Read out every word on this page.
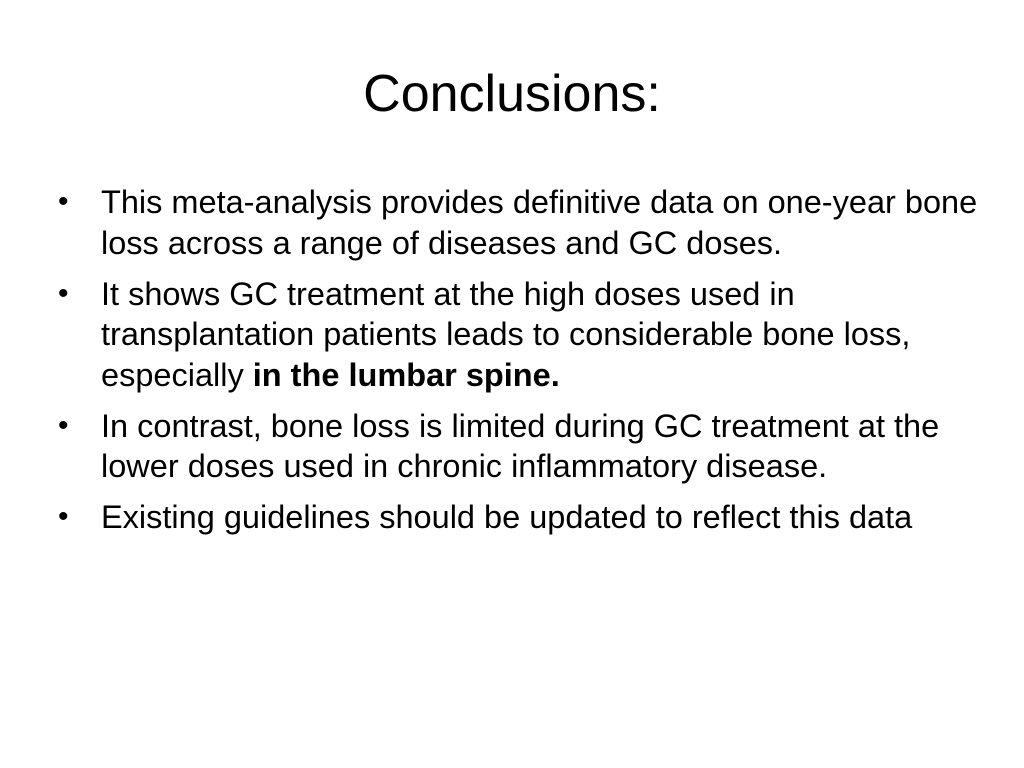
Conclusions:
• This meta-analysis provides definitive data on one-year bone loss across a range of diseases and GC doses.
• It shows GC treatment at the high doses used in transplantation patients leads to considerable bone loss, especially in the lumbar spine.
• In contrast, bone loss is limited during GC treatment at the lower doses used in chronic inflammatory disease.
• Existing guidelines should be updated to reflect this data
